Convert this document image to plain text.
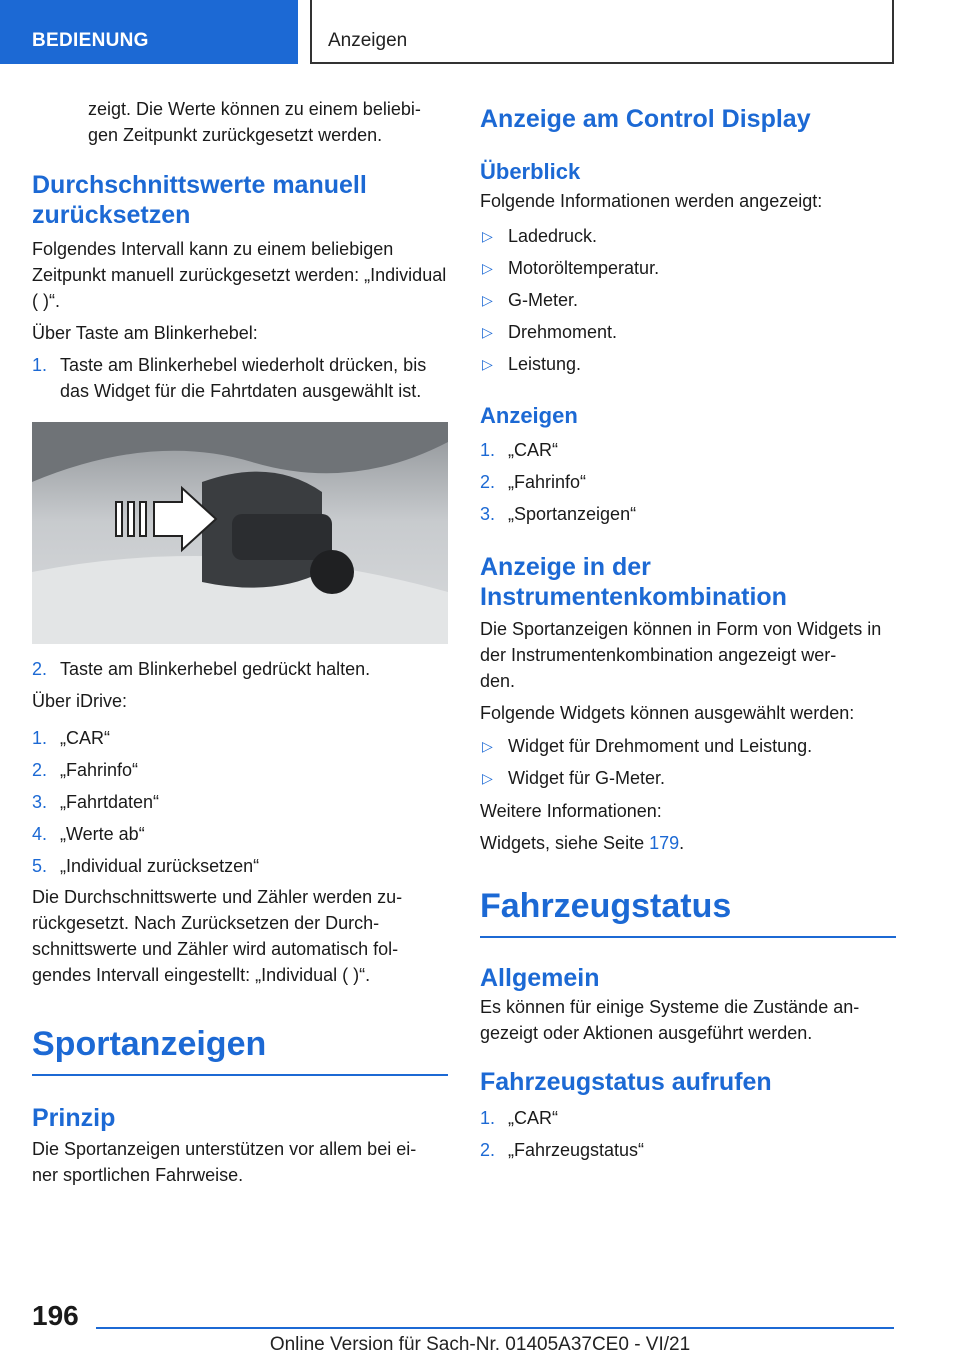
BEDIENUNG	Anzeigen

zeigt. Die Werte können zu einem beliebi-
gen Zeitpunkt zurückgesetzt werden.

Durchschnittswerte manuell zurücksetzen

Folgendes Intervall kann zu einem beliebigen Zeitpunkt manuell zurückgesetzt werden: „Individual ( )“.

Über Taste am Blinkerhebel:

1. Taste am Blinkerhebel wiederholt drücken, bis das Widget für die Fahrtdaten ausgewählt ist.
2. Taste am Blinkerhebel gedrückt halten.

Über iDrive:

1. „CAR“
2. „Fahrinfo“
3. „Fahrtdaten“
4. „Werte ab“
5. „Individual zurücksetzen“

Die Durchschnittswerte und Zähler werden zu-
rückgesetzt. Nach Zurücksetzen der Durch-
schnittswerte und Zähler wird automatisch fol-
gendes Intervall eingestellt: „Individual ( )“.

Sportanzeigen
Prinzip

Die Sportanzeigen unterstützen vor allem bei ei-
ner sportlichen Fahrweise.

Anzeige am Control Display
Überblick

Folgende Informationen werden angezeigt:

▷ Ladedruck.
▷ Motoröltemperatur.
▷ G-Meter.
▷ Drehmoment.
▷ Leistung.
Anzeigen
1. „CAR“
2. „Fahrinfo“
3. „Sportanzeigen“
Anzeige in der Instrumentenkombination

Die Sportanzeigen können in Form von Widgets in der Instrumentenkombination angezeigt wer-
den.

Folgende Widgets können ausgewählt werden:

▷ Widget für Drehmoment und Leistung.
▷ Widget für G-Meter.

Weitere Informationen:

Widgets, siehe Seite 179.

Fahrzeugstatus
Allgemein

Es können für einige Systeme die Zustände an-
gezeigt oder Aktionen ausgeführt werden.

Fahrzeugstatus aufrufen
1. „CAR“
2. „Fahrzeugstatus“
196
Online Version für Sach-Nr. 01405A37CE0 - VI/21
